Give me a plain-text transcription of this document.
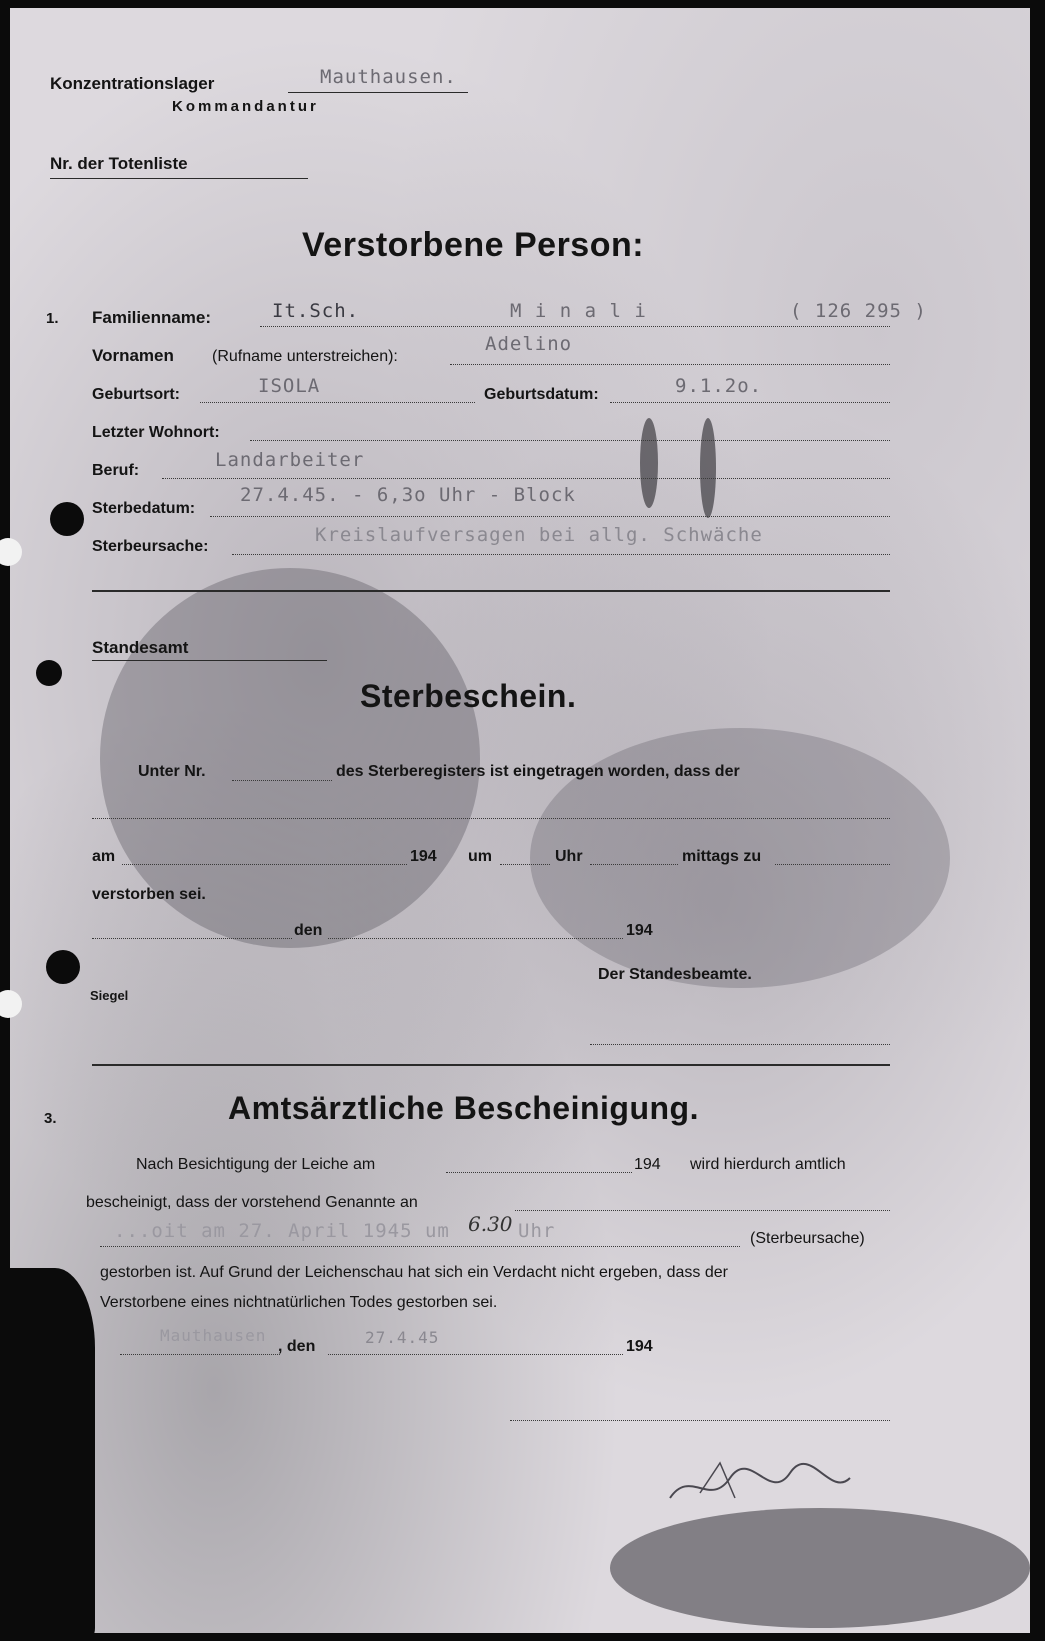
Konzentrationslager	Mauthausen.
Kommandantur
Nr. der Totenliste
Verstorbene Person:
1. Familienname:	It.Sch.	M i n a l i	( 126 295 )
Vornamen (Rufname unterstreichen):
Adelino
Geburtsort:	ISOLA	Geburtsdatum:	9.1.2o.
Letzter Wohnort:
Beruf:	Landarbeiter
Sterbedatum:
27.4.45. - 6,3o Uhr - Block
Sterbeursache:
Kreislaufversagen bei allg. Schwäche
Standesamt
Sterbeschein.
Unter Nr.	des Sterberegisters ist eingetragen worden, dass der
am	194 um	Uhr	mittags zu
verstorben sei.
den	194
Siegel
Der Standesbeamte.
3.	Amtsärztliche Bescheinigung.
Nach Besichtigung der Leiche am	194 wird hierdurch amtlich
bescheinigt, dass der vorstehend Genannte an
...oit am 27. April 1945 um 6.30 Uhr	(Sterbeursache)
gestorben ist. Auf Grund der Leichenschau hat sich ein Verdacht nicht ergeben, dass der
Verstorbene eines nichtnatürlichen Todes gestorben sei.
Mauthausen
, den	27.4.45	194
